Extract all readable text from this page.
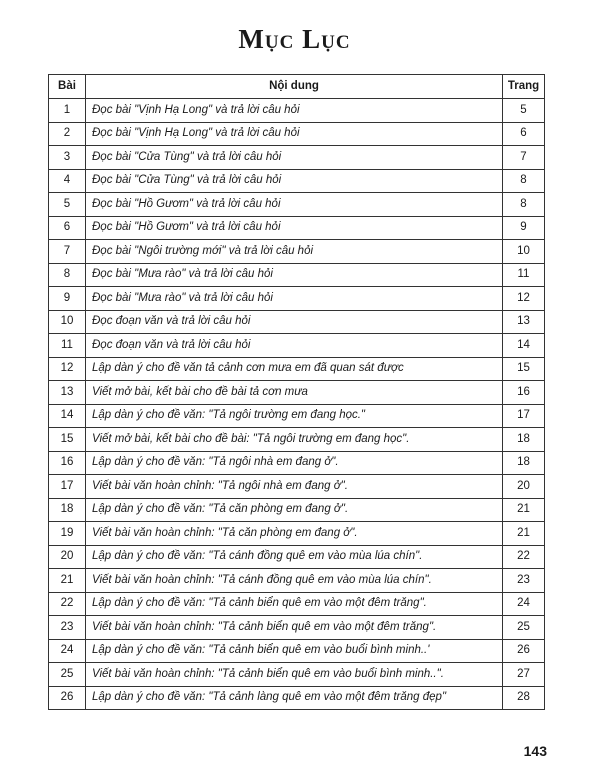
Mục Lục
Bài	Nội dung	Trang
1	Đọc bài "Vịnh Hạ Long" và trả lời câu hỏi	5
2	Đọc bài "Vịnh Hạ Long" và trả lời câu hỏi	6
3	Đọc bài "Cửa Tùng" và trả lời câu hỏi	7
4	Đọc bài "Cửa Tùng" và trả lời câu hỏi	8
5	Đọc bài "Hồ Gươm" và trả lời câu hỏi	8
6	Đọc bài "Hồ Gươm" và trả lời câu hỏi	9
7	Đọc bài "Ngôi trường mới" và trả lời câu hỏi	10
8	Đọc bài "Mưa rào" và trả lời câu hỏi	11
9	Đọc bài "Mưa rào" và trả lời câu hỏi	12
10	Đọc đoạn văn và trả lời câu hỏi	13
11	Đọc đoạn văn và trả lời câu hỏi	14
12	Lập dàn ý cho đề văn tả cảnh cơn mưa em đã quan sát được	15
13	Viết mở bài, kết bài cho đề bài tả cơn mưa	16
14	Lập dàn ý cho đề văn: "Tả ngôi trường em đang học."	17
15	Viết mở bài, kết bài cho đề bài: "Tả ngôi trường em đang học".	18
16	Lập dàn ý cho đề văn: "Tả ngôi nhà em đang ở".	18
17	Viết bài văn hoàn chỉnh: "Tả ngôi nhà em đang ở".	20
18	Lập dàn ý cho đề văn: "Tả căn phòng em đang ở".	21
19	Viết bài văn hoàn chỉnh: "Tả căn phòng em đang ở".	21
20	Lập dàn ý cho đề văn: "Tả cánh đồng quê em vào mùa lúa chín".	22
21	Viết bài văn hoàn chỉnh: "Tả cánh đồng quê em vào mùa lúa chín".	23
22	Lập dàn ý cho đề văn: "Tả cảnh biển quê em vào một đêm trăng".	24
23	Viết bài văn hoàn chỉnh: "Tả cảnh biển quê em vào một đêm trăng".	25
24	Lập dàn ý cho đề văn: "Tả cảnh biển quê em vào buổi bình minh..'	26
25	Viết bài văn hoàn chỉnh: "Tả cảnh biển quê em vào buổi bình minh..".	27
26	Lập dàn ý cho đề văn: "Tả cảnh làng quê em vào một đêm trăng đẹp"	28
143
